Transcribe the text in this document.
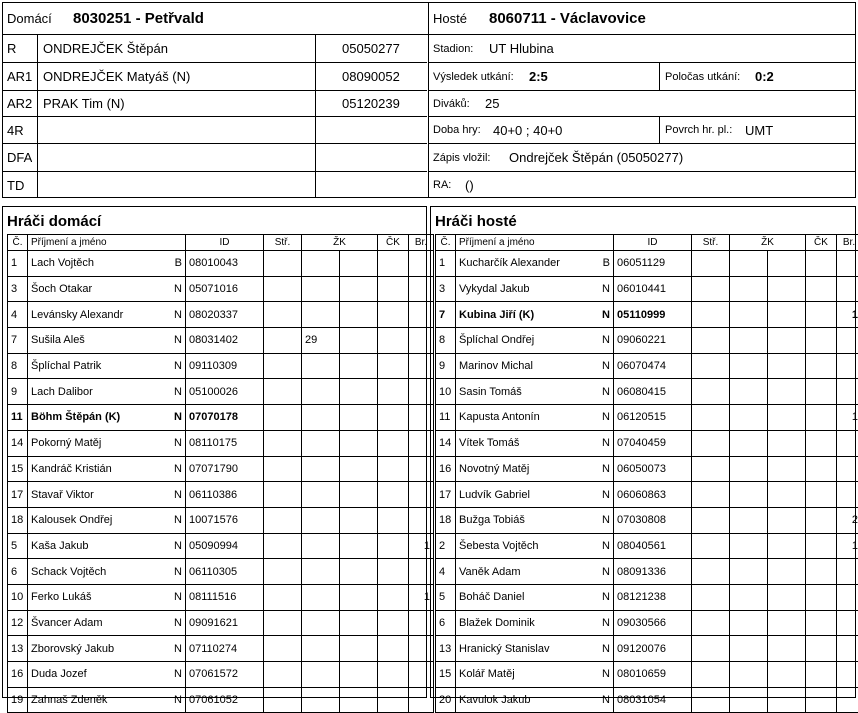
Domácí 8030251 - Petřvald
R ONDREJČEK Štěpán	05050277
AR1 ONDREJČEK Matyáš (N)	08090052
AR2 PRAK Tim (N)	05120239
4R
DFA
TD
Hosté 8060711 - Václavovice
Stadion: UT Hlubina
Výsledek utkání: 2:5	Poločas utkání: 0:2
Diváků: 25
Doba hry: 40+0 ; 40+0	Povrch hr. pl.: UMT
Zápis vložil: Ondrejček Štěpán (05050277)
RA: ()
Hráči domácí
Č.	Příjmení a jméno		ID	Stř.	ŽK		ČK	Br.
1	Lach Vojtěch	B	08010043					
3	Šoch Otakar	N	05071016					
4	Levánsky Alexandr	N	08020337					
7	Sušila Aleš	N	08031402		29			
8	Šplíchal Patrik	N	09110309					
9	Lach Dalibor	N	05100026					
11	Böhm Štěpán (K)	N	07070178					
14	Pokorný Matěj	N	08110175					
15	Kandráč Kristián	N	07071790					
17	Stavař Viktor	N	06110386					
18	Kalousek Ondřej	N	10071576					
5	Kaša Jakub	N	05090994					1
6	Schack Vojtěch	N	06110305					
10	Ferko Lukáš	N	08111516					1
12	Švancer Adam	N	09091621					
13	Zborovský Jakub	N	07110274					
16	Duda Jozef	N	07061572					
19	Zahnaš Zdeněk	N	07061052					
Hráči hosté
Č.	Příjmení a jméno		ID	Stř.	ŽK		ČK	Br.
1	Kucharčík Alexander	B	06051129					
3	Vykydal Jakub	N	06010441					
7	Kubina Jiří (K)	N	05110999					1
8	Šplíchal Ondřej	N	09060221					
9	Marinov Michal	N	06070474					
10	Sasin Tomáš	N	06080415					
11	Kapusta Antonín	N	06120515					1
14	Vítek Tomáš	N	07040459					
16	Novotný Matěj	N	06050073					
17	Ludvík Gabriel	N	06060863					
18	Bužga Tobiáš	N	07030808					2
2	Šebesta Vojtěch	N	08040561					1
4	Vaněk Adam	N	08091336					
5	Boháč Daniel	N	08121238					
6	Blažek Dominik	N	09030566					
13	Hranický Stanislav	N	09120076					
15	Kolář Matěj	N	08010659					
20	Kavulok Jakub	N	08031054					
